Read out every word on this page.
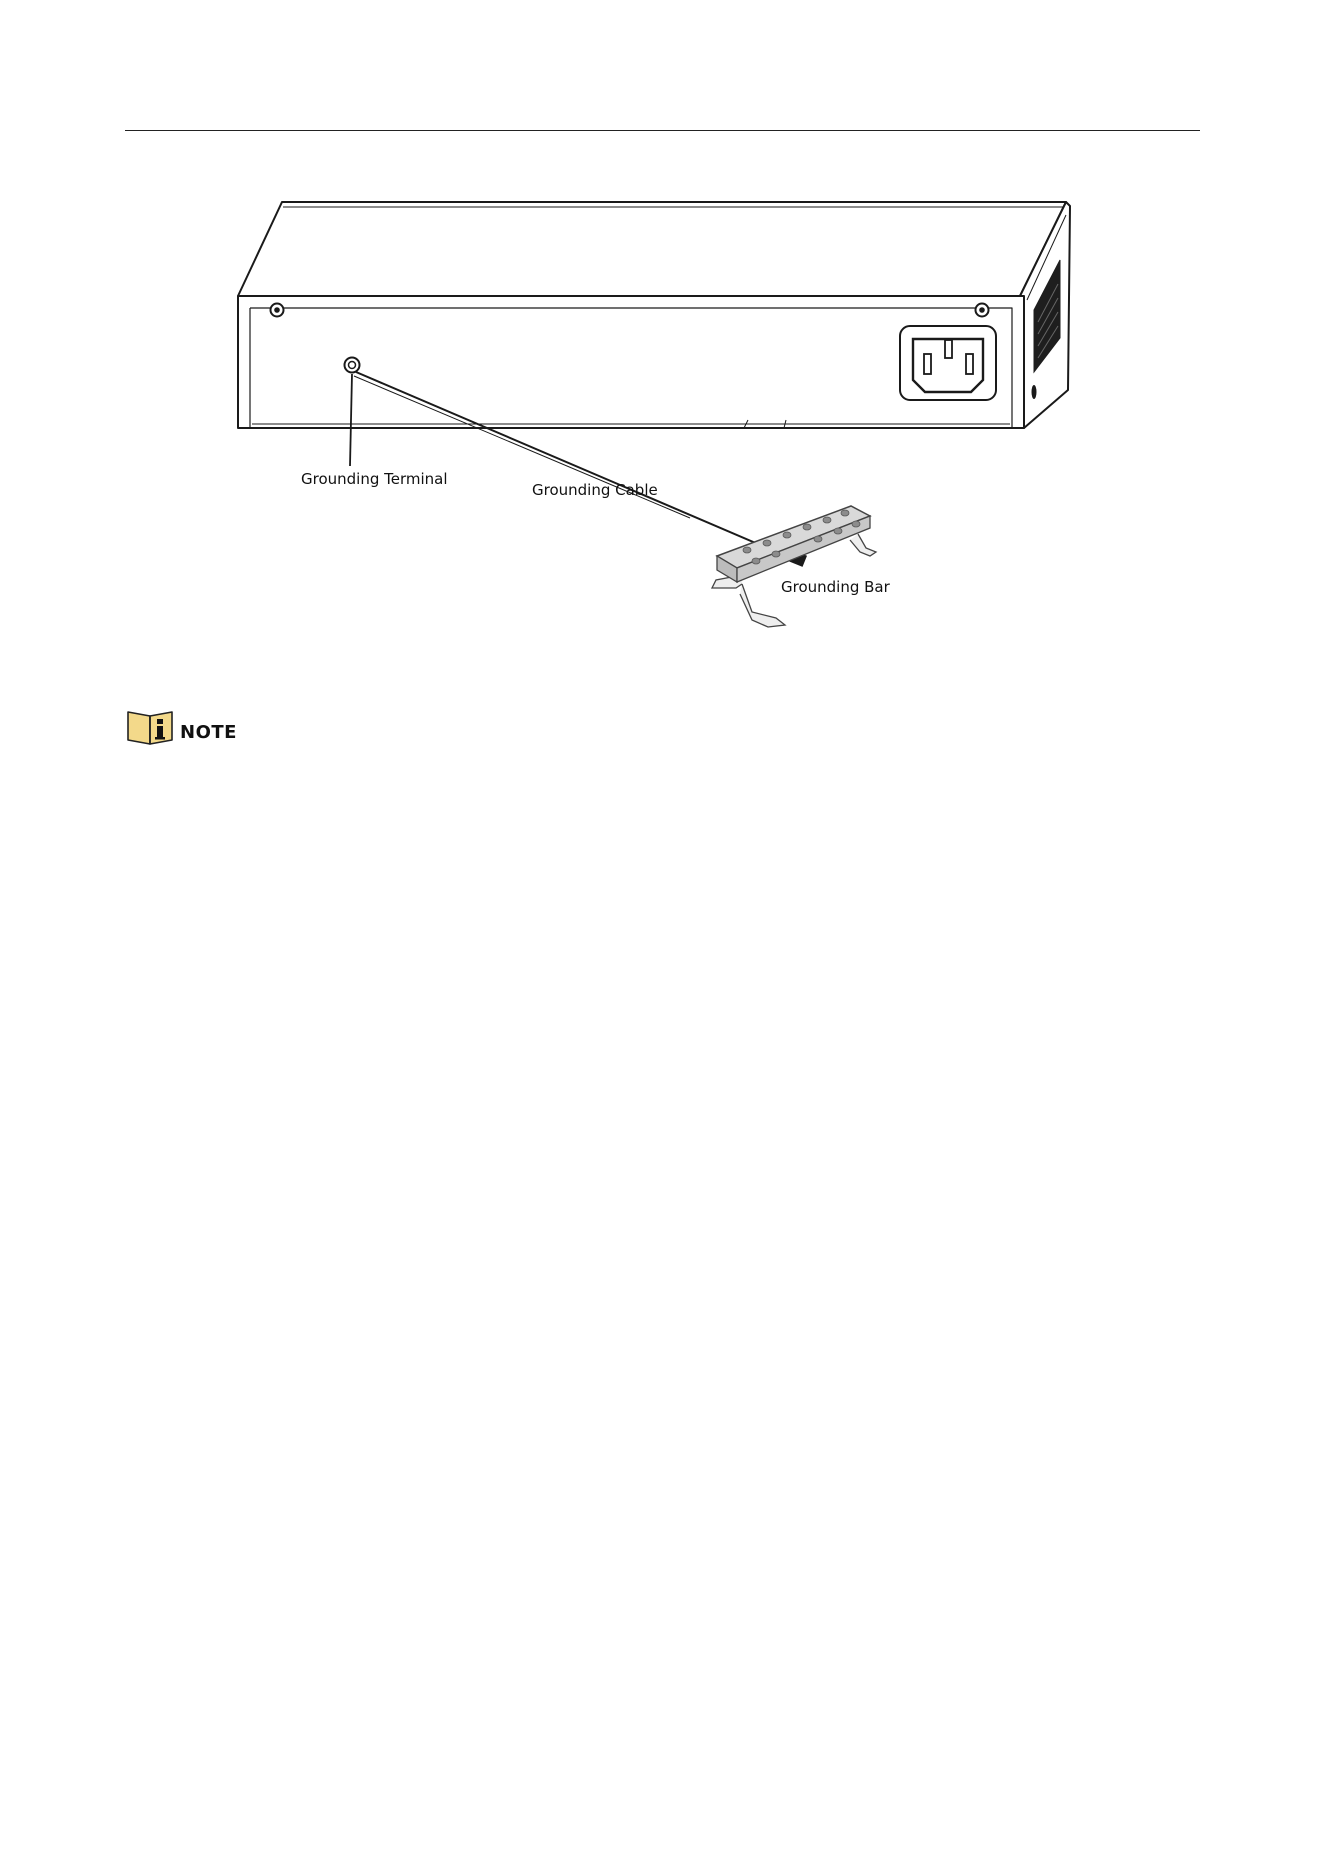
Grounding Terminal
Grounding Cable
Grounding Bar
NOTE
